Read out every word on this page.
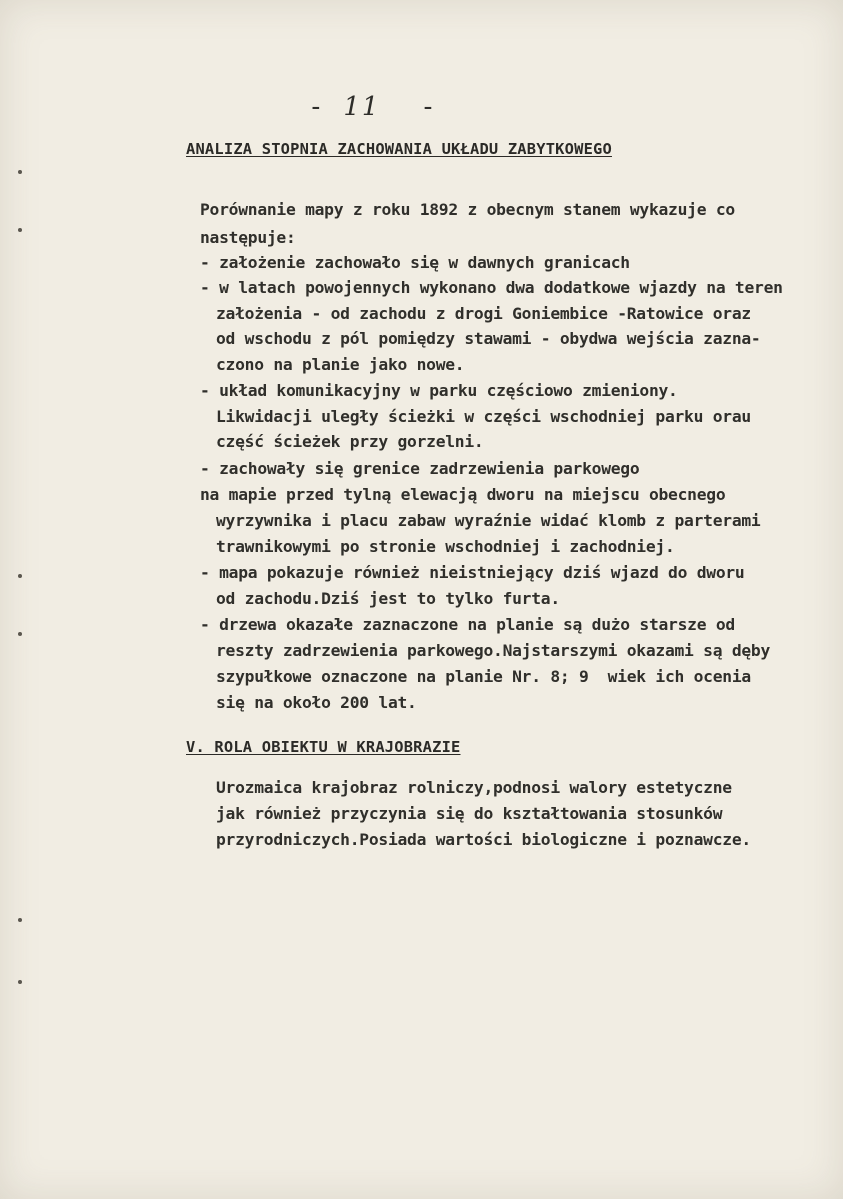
- 11 -
ANALIZA STOPNIA ZACHOWANIA UKŁADU ZABYTKOWEGO
Porównanie mapy z roku 1892 z obecnym stanem wykazuje co
następuje:
- założenie zachowało się w dawnych granicach
- w latach powojennych wykonano dwa dodatkowe wjazdy na teren
założenia - od zachodu z drogi Goniembice -Ratowice oraz
od wschodu z pól pomiędzy stawami - obydwa wejścia zazna-
czono na planie jako nowe.
- układ komunikacyjny w parku częściowo zmieniony.
Likwidacji uległy ścieżki w części wschodniej parku orau
część ścieżek przy gorzelni.
- zachowały się grenice zadrzewienia parkowego
na mapie przed tylną elewacją dworu na miejscu obecnego
wyrzywnika i placu zabaw wyraźnie widać klomb z parterami
trawnikowymi po stronie wschodniej i zachodniej.
- mapa pokazuje również nieistniejący dziś wjazd do dworu
od zachodu.Dziś jest to tylko furta.
- drzewa okazałe zaznaczone na planie są dużo starsze od
reszty zadrzewienia parkowego.Najstarszymi okazami są dęby
szypułkowe oznaczone na planie Nr. 8; 9  wiek ich ocenia
się na około 200 lat.
V. ROLA OBIEKTU W KRAJOBRAZIE
Urozmaica krajobraz rolniczy,podnosi walory estetyczne
jak również przyczynia się do kształtowania stosunków
przyrodniczych.Posiada wartości biologiczne i poznawcze.
